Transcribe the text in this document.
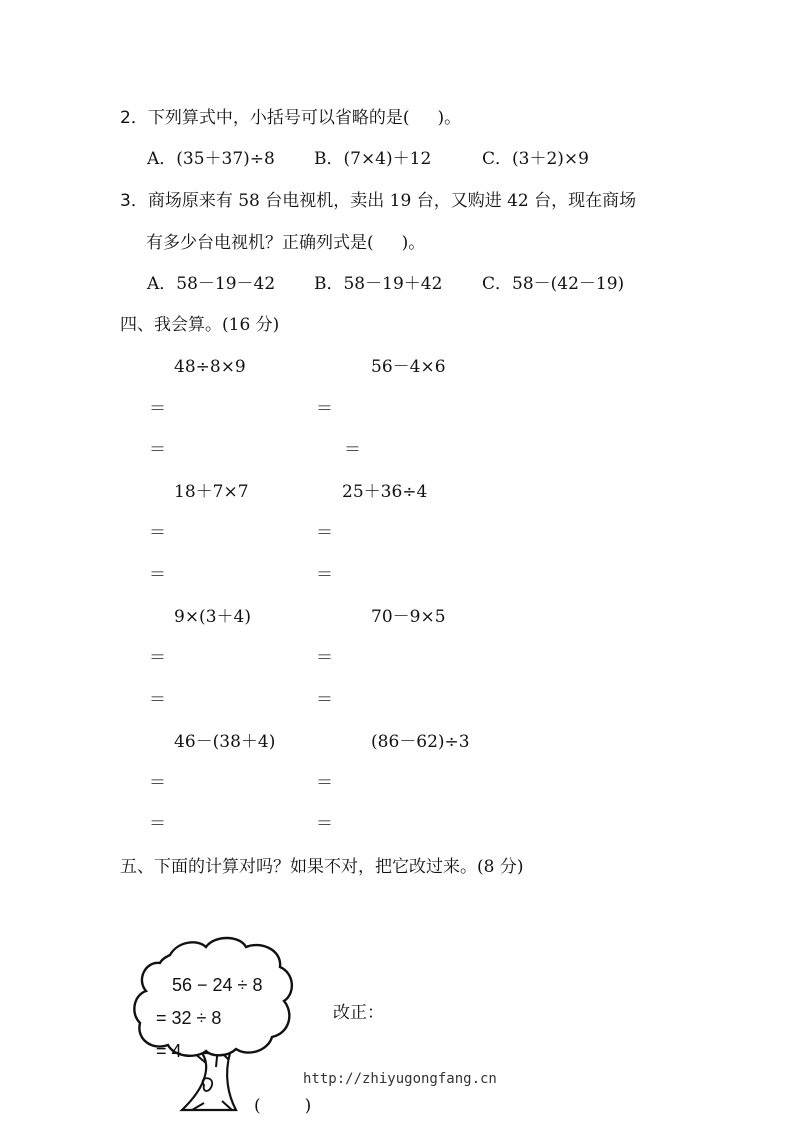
2．下列算式中，小括号可以省略的是( )。
A．(35＋37)÷8 B．(7×4)＋12	C．(3＋2)×9
3．商场原来有 58 台电视机，卖出 19 台，又购进 42 台，现在商场
有多少台电视机？正确列式是( )。
A．58－19－42 B．58－19＋42 C．58－(42－19)
四、我会算。(16 分)
48÷8×9	56－4×6
＝	＝
＝	＝
18＋7×7	25＋36÷4
＝	＝
＝	＝
9×(3＋4)	70－9×5
＝	＝
＝	＝
46－(38＋4)	(86－62)÷3
＝	＝
＝	＝
五、下面的计算对吗？如果不对，把它改过来。(8 分)
56 − 24 ÷ 8
= 32 ÷ 8
= 4
改正：
(	)
http://zhiyugongfang.cn
